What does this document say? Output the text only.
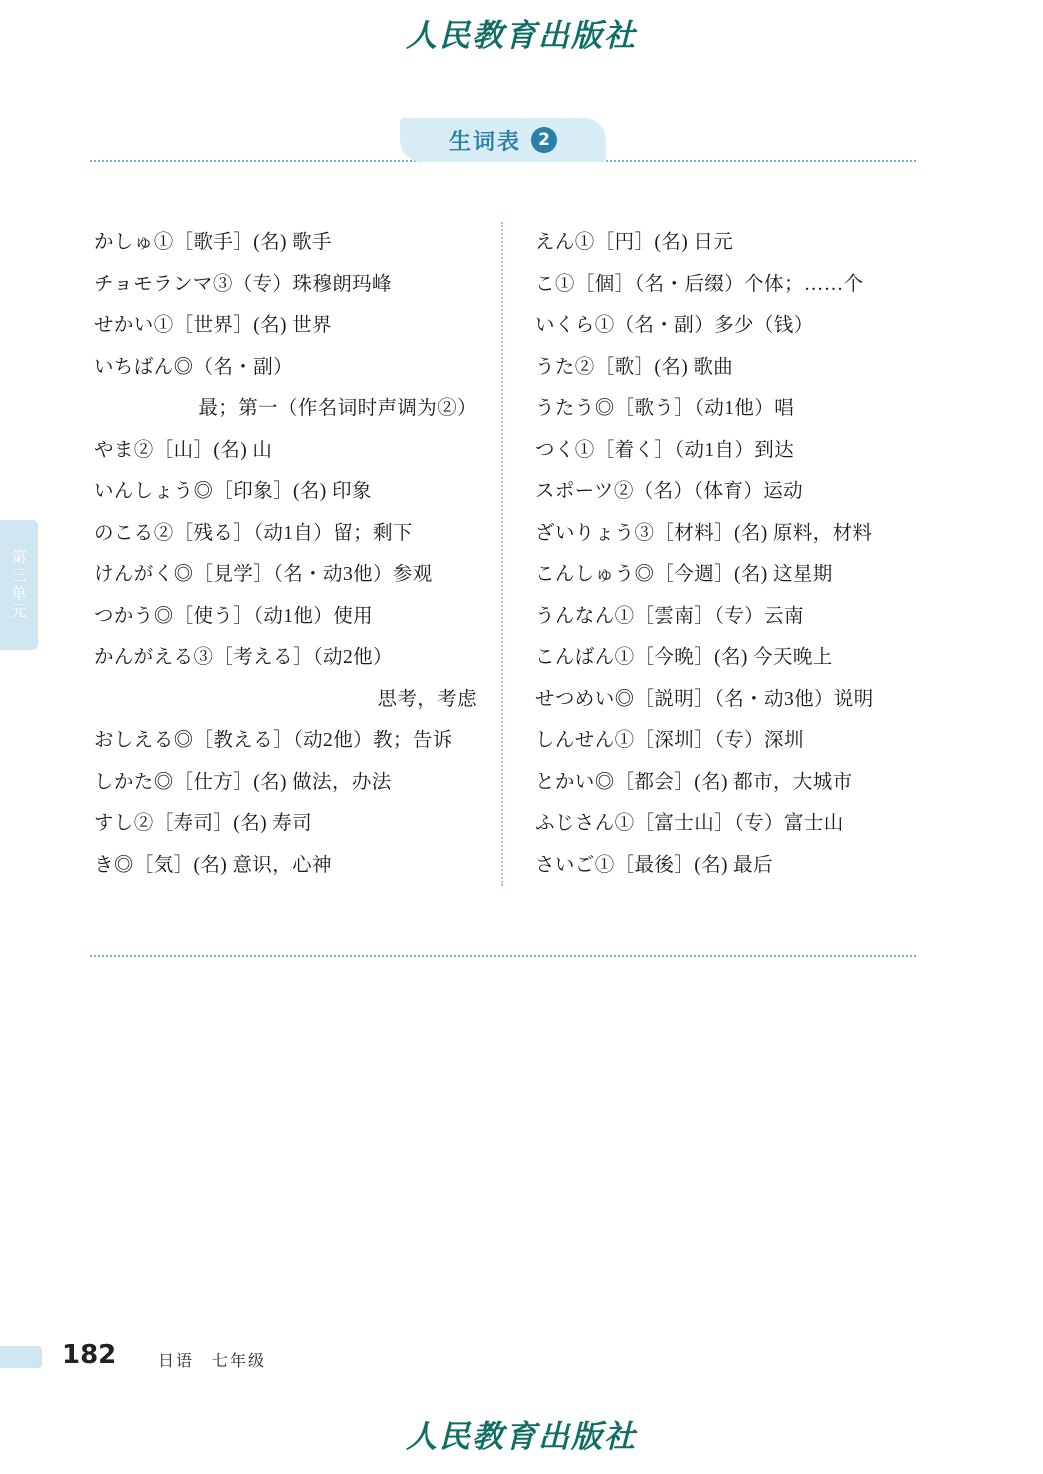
人民教育出版社
生词表	2
第三单元
かしゅ①［歌手］(名) 歌手
チョモランマ③（专）珠穆朗玛峰
せかい①［世界］(名) 世界
いちばん◎（名・副）
最；第一（作名词时声调为②）
やま②［山］(名) 山
いんしょう◎［印象］(名) 印象
のこる②［残る］（动1自）留；剩下
けんがく◎［見学］（名・动3他）参观
つかう◎［使う］（动1他）使用
かんがえる③［考える］（动2他）
思考，考虑
おしえる◎［教える］（动2他）教；告诉
しかた◎［仕方］(名) 做法，办法
すし②［寿司］(名) 寿司
き◎［気］(名) 意识，心神
えん①［円］(名) 日元
こ①［個］（名・后缀）个体；……个
いくら①（名・副）多少（钱）
うた②［歌］(名) 歌曲
うたう◎［歌う］（动1他）唱
つく①［着く］（动1自）到达
スポーツ②（名）（体育）运动
ざいりょう③［材料］(名) 原料，材料
こんしゅう◎［今週］(名) 这星期
うんなん①［雲南］（专）云南
こんばん①［今晩］(名) 今天晚上
せつめい◎［説明］（名・动3他）说明
しんせん①［深圳］（专）深圳
とかい◎［都会］(名) 都市，大城市
ふじさん①［富士山］（专）富士山
さいご①［最後］(名) 最后
182	日语　七年级
人民教育出版社
